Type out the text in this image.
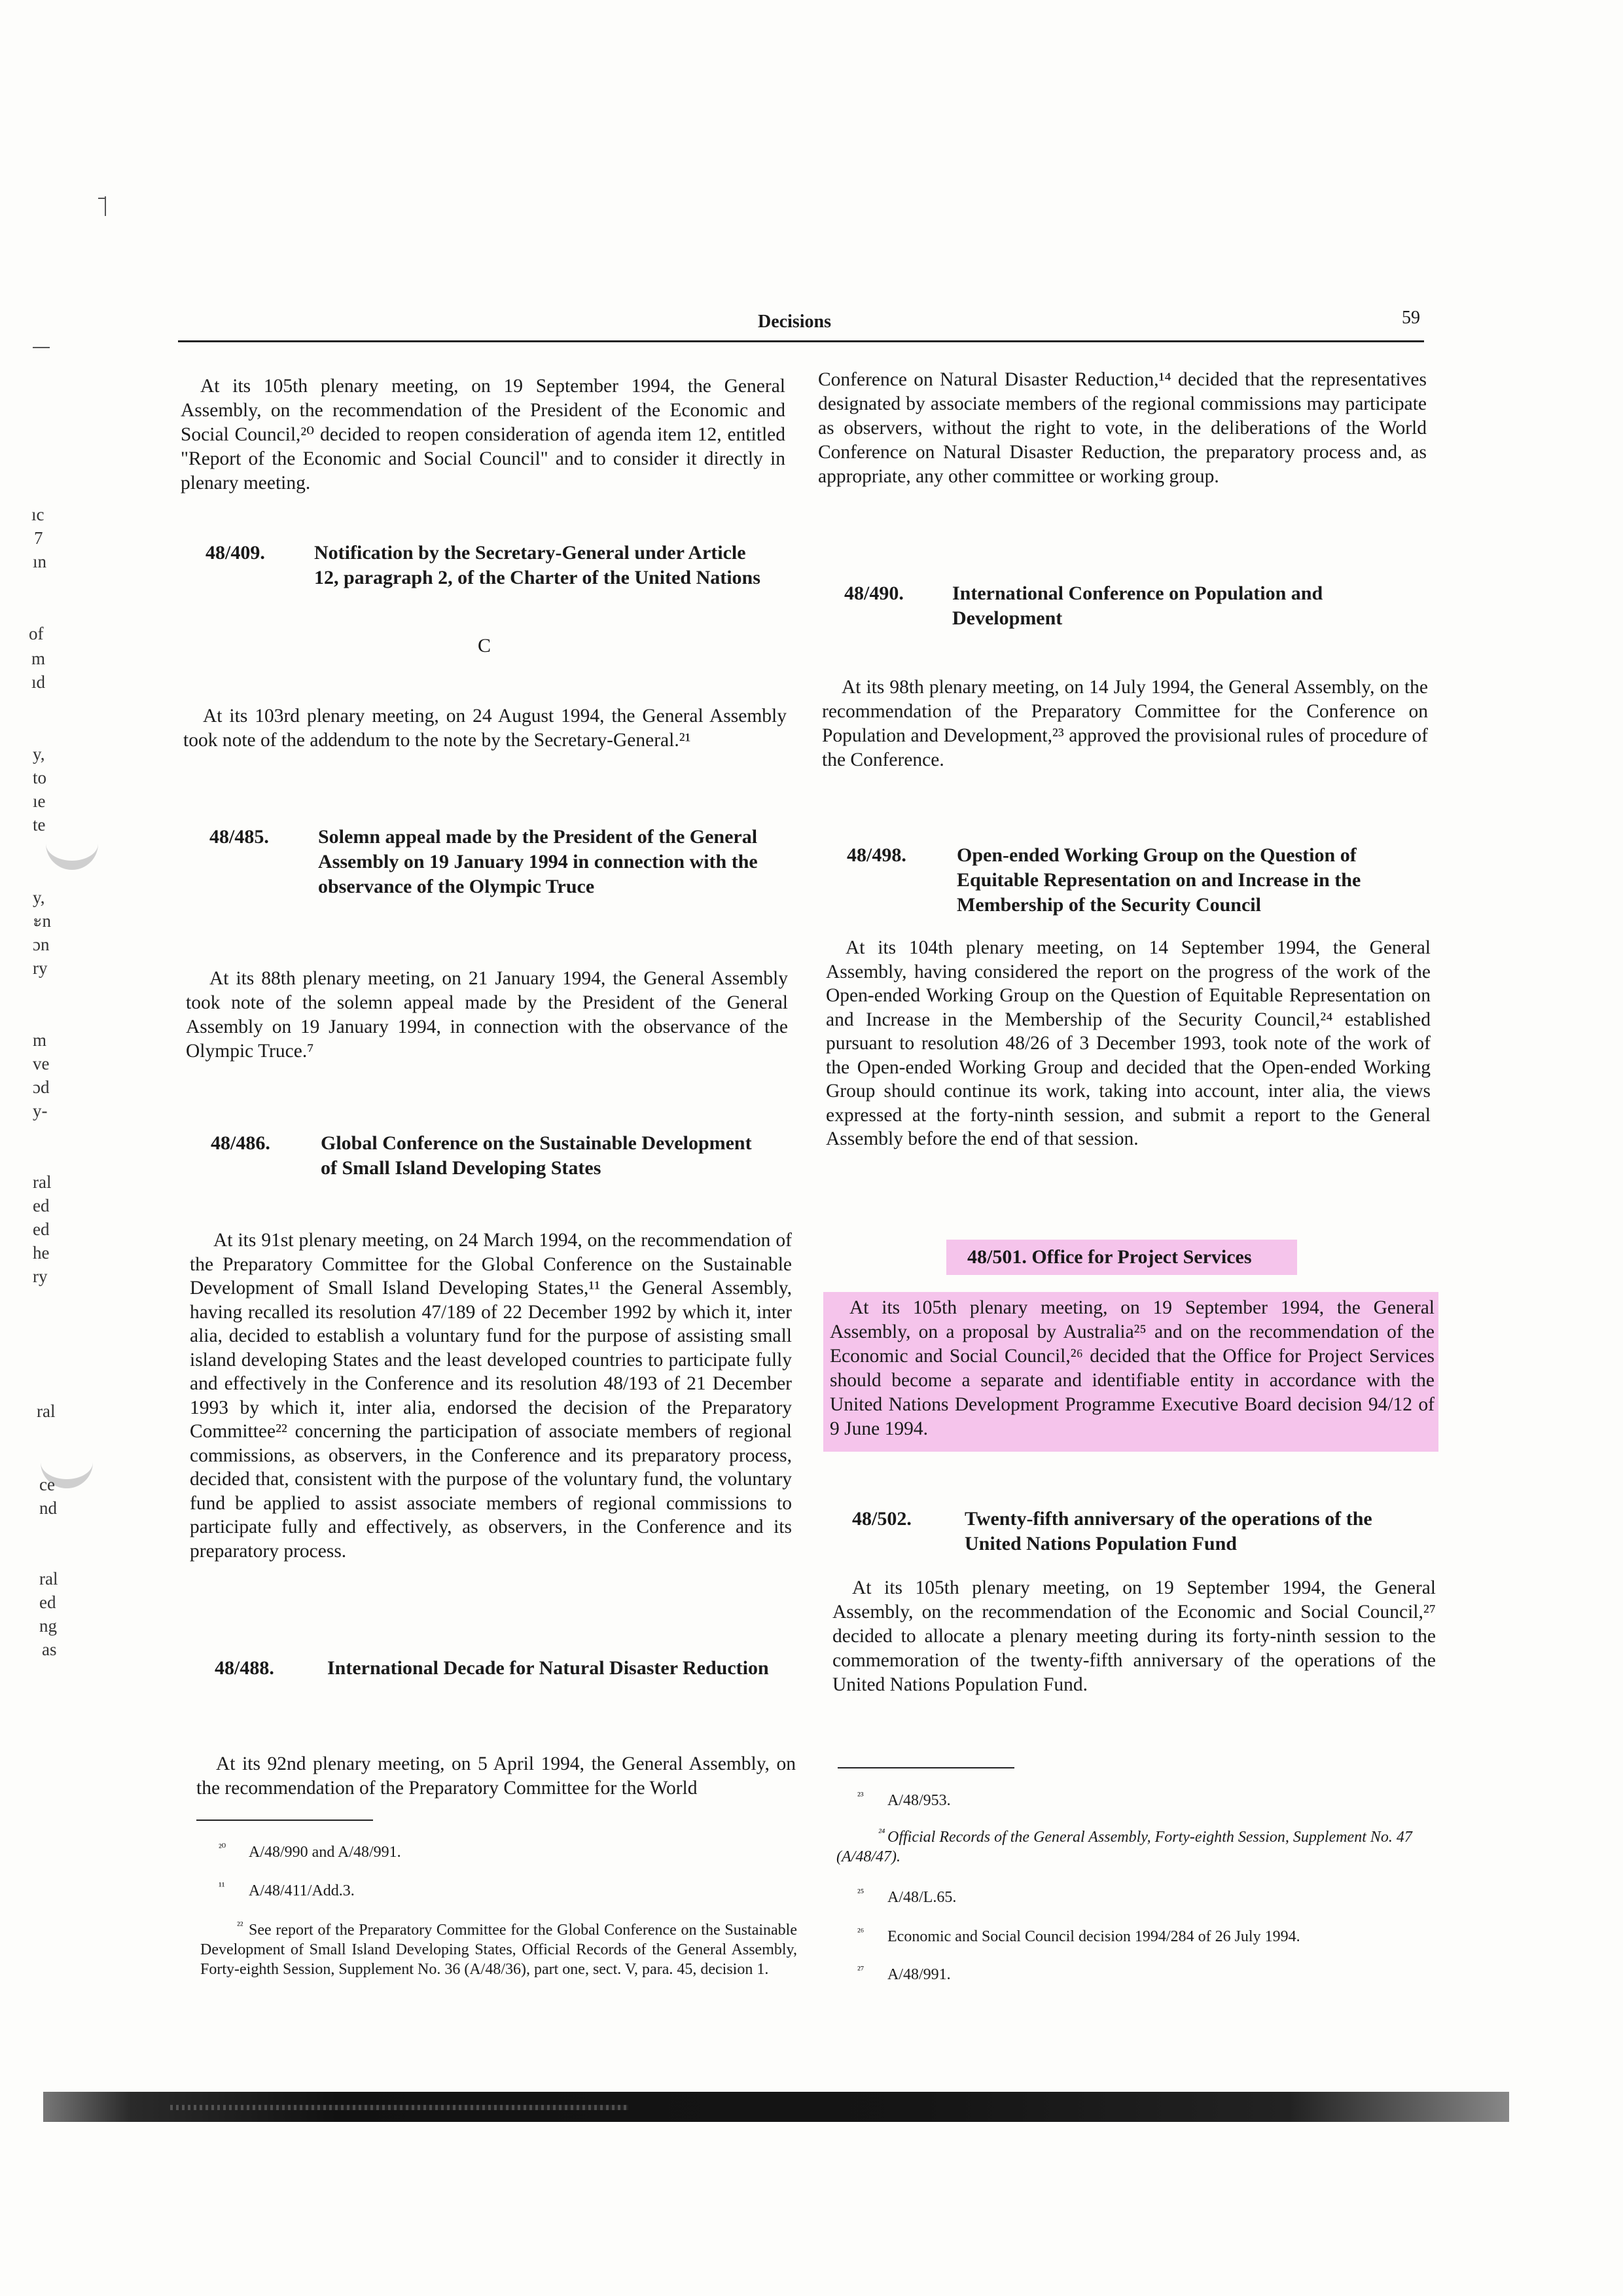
ıc
7
ın
of
m
ıd
y,
to
ıe
te
y,
ะn
ɔn
ry
m
ve
ɔd
y-
ral
ed
ed
he
ry
ral
ce
nd
ral
ed
ng
as
Decisions	59

At its 105th plenary meeting, on 19 September 1994, the General Assembly, on the recommendation of the President of the Economic and Social Council,²⁰ decided to reopen consideration of agenda item 12, entitled "Report of the Economic and Social Council" and to consider it directly in plenary meeting.

48/409.	Notification by the Secretary-General under Article 12, paragraph 2, of the Charter of the United Nations

C

At its 103rd plenary meeting, on 24 August 1994, the General Assembly took note of the addendum to the note by the Secretary-General.²¹

48/485.	Solemn appeal made by the President of the General Assembly on 19 January 1994 in connection with the observance of the Olympic Truce

At its 88th plenary meeting, on 21 January 1994, the General Assembly took note of the solemn appeal made by the President of the General Assembly on 19 January 1994, in connection with the observance of the Olympic Truce.⁷

48/486.	Global Conference on the Sustainable Development of Small Island Developing States

At its 91st plenary meeting, on 24 March 1994, on the recommendation of the Preparatory Committee for the Global Conference on the Sustainable Development of Small Island Developing States,¹¹ the General Assembly, having recalled its resolution 47/189 of 22 December 1992 by which it, inter alia, decided to establish a voluntary fund for the purpose of assisting small island developing States and the least developed countries to participate fully and effectively in the Conference and its resolution 48/193 of 21 December 1993 by which it, inter alia, endorsed the decision of the Preparatory Committee²² concerning the participation of associate members of regional commissions, as observers, in the Conference and its preparatory process, decided that, consistent with the purpose of the voluntary fund, the voluntary fund be applied to assist associate members of regional commissions to participate fully and effectively, as observers, in the Conference and its preparatory process.

48/488.	International Decade for Natural Disaster Reduction

At its 92nd plenary meeting, on 5 April 1994, the General Assembly, on the recommendation of the Preparatory Committee for the World

²⁰ A/48/990 and A/48/991.

¹¹ A/48/411/Add.3.

²² See report of the Preparatory Committee for the Global Conference on the Sustainable Development of Small Island Developing States, Official Records of the General Assembly, Forty-eighth Session, Supplement No. 36 (A/48/36), part one, sect. V, para. 45, decision 1.

Conference on Natural Disaster Reduction,¹⁴ decided that the representatives designated by associate members of the regional commissions may participate as observers, without the right to vote, in the deliberations of the World Conference on Natural Disaster Reduction, the preparatory process and, as appropriate, any other committee or working group.

48/490. International Conference on Population and Development

At its 98th plenary meeting, on 14 July 1994, the General Assembly, on the recommendation of the Preparatory Committee for the Conference on Population and Development,²³ approved the provisional rules of procedure of the Conference.

48/498.	Open-ended Working Group on the Question of Equitable Representation on and Increase in the Membership of the Security Council

At its 104th plenary meeting, on 14 September 1994, the General Assembly, having considered the report on the progress of the work of the Open-ended Working Group on the Question of Equitable Representation on and Increase in the Membership of the Security Council,²⁴ established pursuant to resolution 48/26 of 3 December 1993, took note of the work of the Open-ended Working Group and decided that the Open-ended Working Group should continue its work, taking into account, inter alia, the views expressed at the forty-ninth session, and submit a report to the General Assembly before the end of that session.

48/501. Office for Project Services

At its 105th plenary meeting, on 19 September 1994, the General Assembly, on a proposal by Australia²⁵ and on the recommendation of the Economic and Social Council,²⁶ decided that the Office for Project Services should become a separate and identifiable entity in accordance with the United Nations Development Programme Executive Board decision 94/12 of 9 June 1994.

48/502.	Twenty-fifth anniversary of the operations of the United Nations Population Fund

At its 105th plenary meeting, on 19 September 1994, the General Assembly, on the recommendation of the Economic and Social Council,²⁷ decided to allocate a plenary meeting during its forty-ninth session to the commemoration of the twenty-fifth anniversary of the operations of the United Nations Population Fund.

²³ A/48/953.

²⁴ Official Records of the General Assembly, Forty-eighth Session, Supplement No. 47 (A/48/47).

²⁵ A/48/L.65.

²⁶ Economic and Social Council decision 1994/284 of 26 July 1994.

²⁷ A/48/991.
